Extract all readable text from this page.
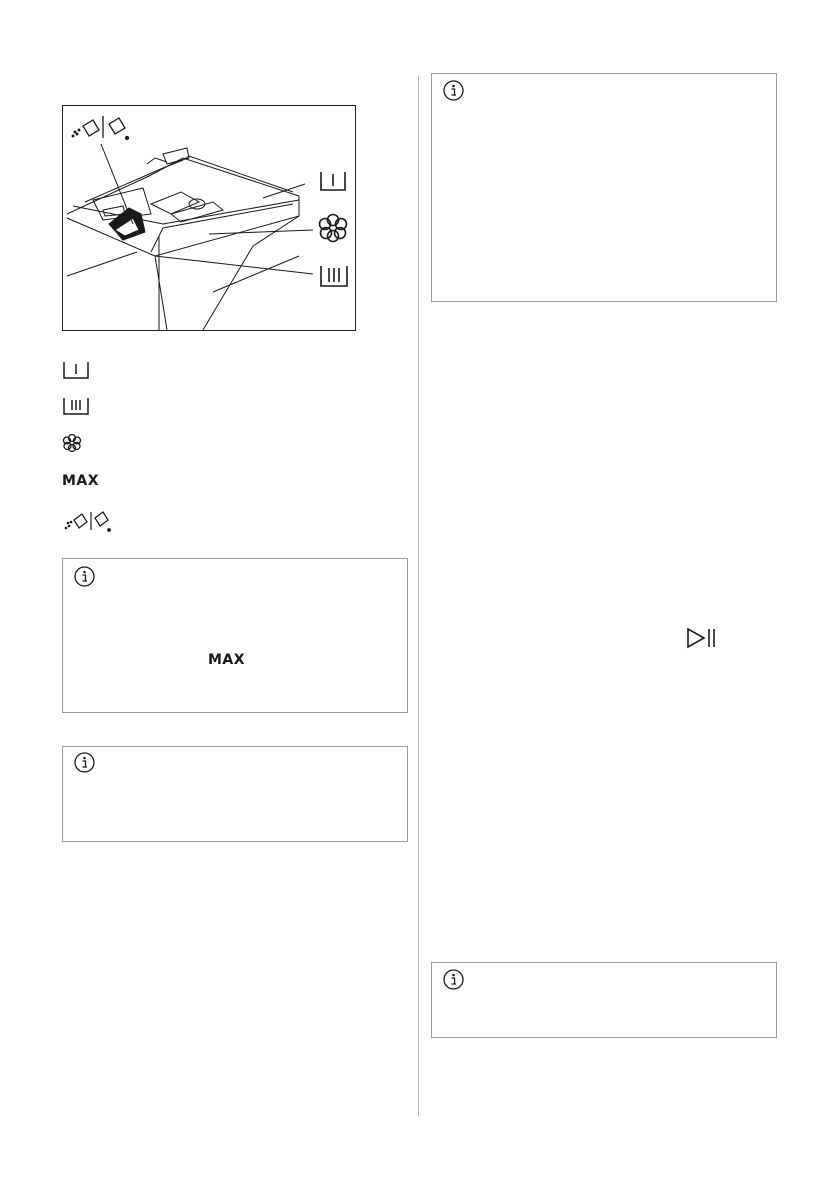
MAX
MAX
